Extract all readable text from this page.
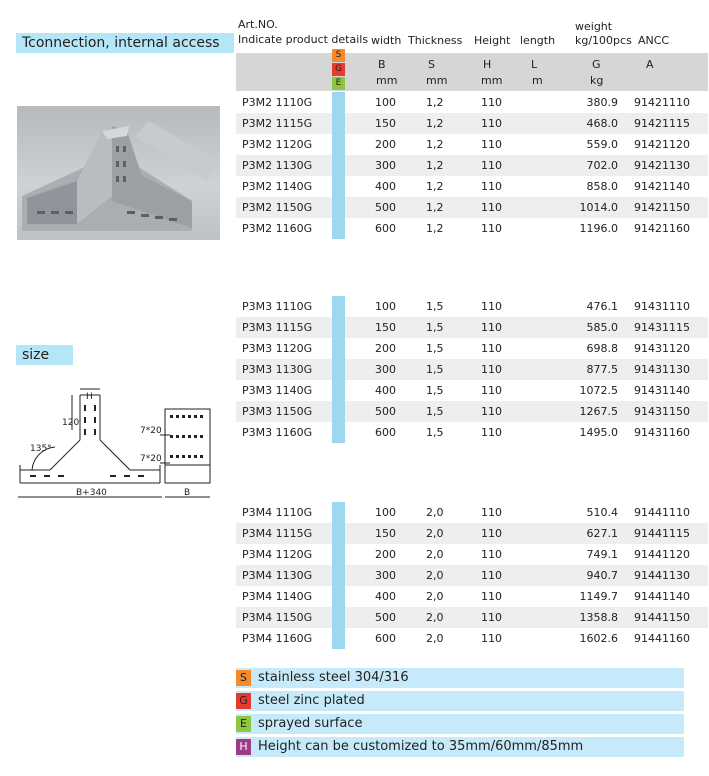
Tconnection, internal access
size
H
120
135°
7*20
7*20
B+340	B
Art.NO.
Indicate product details width Thickness Height length
weight
kg/100pcs ANCC
S
G
E
B	S	H	L	G	A
mm	mm	mm	m	kg
P3M2 1110G	100	1,2	110	380.9 91421110
P3M2 1115G	150	1,2	110	468.0 91421115
P3M2 1120G	200	1,2	110	559.0 91421120
P3M2 1130G	300	1,2	110	702.0 91421130
P3M2 1140G	400	1,2	110	858.0 91421140
P3M2 1150G	500	1,2	110	1014.0 91421150
P3M2 1160G	600	1,2	110	1196.0 91421160
P3M3 1110G	100	1,5	110	476.1 91431110
P3M3 1115G	150	1,5	110	585.0 91431115
P3M3 1120G	200	1,5	110	698.8 91431120
P3M3 1130G	300	1,5	110	877.5 91431130
P3M3 1140G	400	1,5	110	1072.5 91431140
P3M3 1150G	500	1,5	110	1267.5 91431150
P3M3 1160G	600	1,5	110	1495.0 91431160
P3M4 1110G	100	2,0	110	510.4 91441110
P3M4 1115G	150	2,0	110	627.1 91441115
P3M4 1120G	200	2,0	110	749.1 91441120
P3M4 1130G	300	2,0	110	940.7 91441130
P3M4 1140G	400	2,0	110	1149.7 91441140
P3M4 1150G	500	2,0	110	1358.8 91441150
P3M4 1160G	600	2,0	110	1602.6 91441160
S stainless steel 304/316
G steel zinc plated
E sprayed surface
H Height can be customized to 35mm/60mm/85mm
